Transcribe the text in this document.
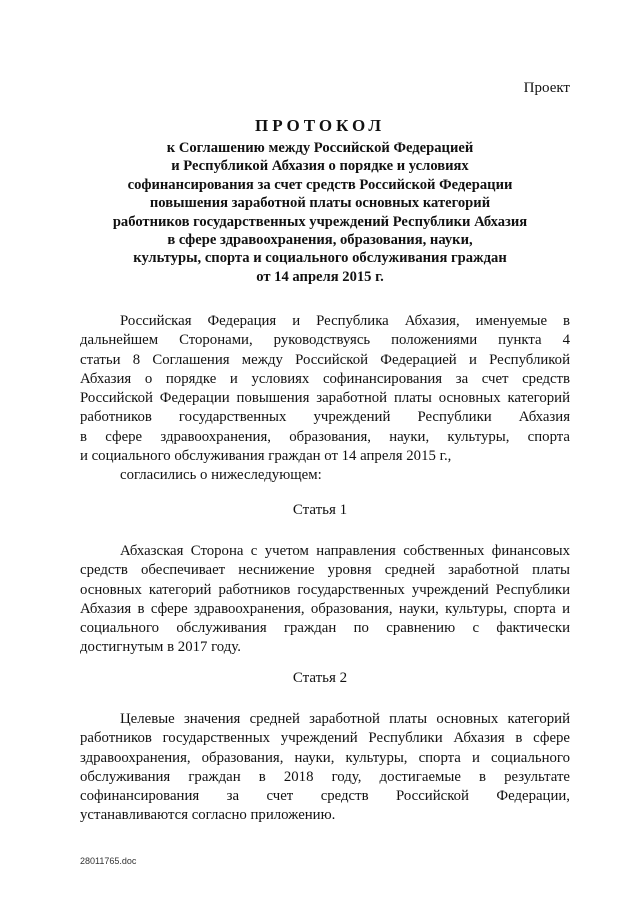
Проект
ПРОТОКОЛ
к Соглашению между Российской Федерацией
и Республикой Абхазия о порядке и условиях
софинансирования за счет средств Российской Федерации
повышения заработной платы основных категорий
работников государственных учреждений Республики Абхазия
в сфере здравоохранения, образования, науки,
культуры, спорта и социального обслуживания граждан
от 14 апреля 2015 г.
Российская Федерация и Республика Абхазия, именуемые в
дальнейшем Сторонами, руководствуясь положениями пункта 4
статьи 8 Соглашения между Российской Федерацией и Республикой
Абхазия о порядке и условиях софинансирования за счет средств
Российской Федерации повышения заработной платы основных категорий
работников государственных учреждений Республики Абхазия
в сфере здравоохранения, образования, науки, культуры, спорта
и социального обслуживания граждан от 14 апреля 2015 г.,
согласились о нижеследующем:
Статья 1
Абхазская Сторона с учетом направления собственных финансовых
средств обеспечивает неснижение уровня средней заработной платы
основных категорий работников государственных учреждений Республики
Абхазия в сфере здравоохранения, образования, науки, культуры, спорта и
социального обслуживания граждан по сравнению с фактически
достигнутым в 2017 году.
Статья 2
Целевые значения средней заработной платы основных категорий
работников государственных учреждений Республики Абхазия в сфере
здравоохранения, образования, науки, культуры, спорта и социального
обслуживания граждан в 2018 году, достигаемые в результате
софинансирования за счет средств Российской Федерации,
устанавливаются согласно приложению.
28011765.doc
